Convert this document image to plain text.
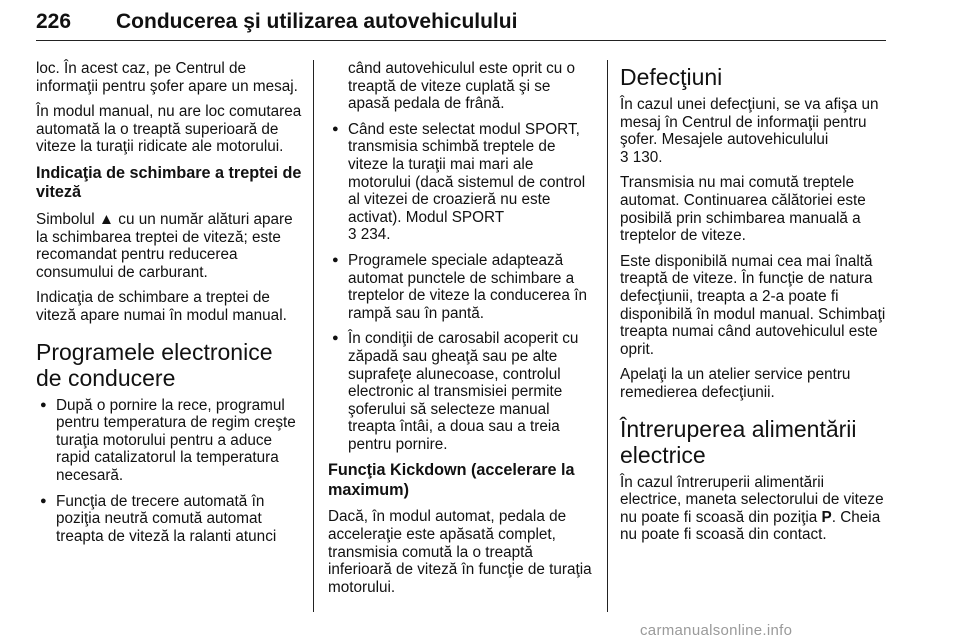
226 Conducerea şi utilizarea autovehiculului

loc. În acest caz, pe Centrul de informaţii pentru şofer apare un mesaj.

În modul manual, nu are loc comutarea automată la o treaptă superioară de viteze la turaţii ridicate ale motorului.

Indicaţia de schimbare a treptei de viteză

Simbolul ▲ cu un număr alături apare la schimbarea treptei de viteză; este recomandat pentru reducerea consumului de carburant.

Indicaţia de schimbare a treptei de viteză apare numai în modul manual.

Programele electronice de conducere
● După o pornire la rece, programul pentru temperatura de regim creşte turaţia motorului pentru a aduce rapid catalizatorul la temperatura necesară.
● Funcţia de trecere automată în poziţia neutră comută automat treapta de viteză la ralanti atunci
când autovehiculul este oprit cu o treaptă de viteze cuplată şi se apasă pedala de frână.
● Când este selectat modul SPORT, transmisia schimbă treptele de viteze la turaţii mai mari ale motorului (dacă sistemul de control al vitezei de croazieră nu este activat). Modul SPORT
3 234.
● Programele speciale adaptează automat punctele de schimbare a treptelor de viteze la conducerea în rampă sau în pantă.
● În condiţii de carosabil acoperit cu zăpadă sau gheaţă sau pe alte suprafeţe alunecoase, controlul electronic al transmisiei permite şoferului să selecteze manual treapta întâi, a doua sau a treia pentru pornire.
Funcţia Kickdown (accelerare la maximum)

Dacă, în modul automat, pedala de acceleraţie este apăsată complet, transmisia comută la o treaptă inferioară de viteză în funcţie de turaţia motorului.

Defecţiuni

În cazul unei defecţiuni, se va afişa un mesaj în Centrul de informaţii pentru şofer. Mesajele autovehiculului
3 130.

Transmisia nu mai comută treptele automat. Continuarea călătoriei este posibilă prin schimbarea manuală a treptelor de viteze.

Este disponibilă numai cea mai înaltă treaptă de viteze. În funcţie de natura defecţiunii, treapta a 2-a poate fi disponibilă în modul manual. Schimbaţi treapta numai când autovehiculul este oprit.

Apelaţi la un atelier service pentru remedierea defecţiunii.

Întreruperea alimentării electrice

În cazul întreruperii alimentării electrice, maneta selectorului de viteze nu poate fi scoasă din poziţia P. Cheia nu poate fi scoasă din contact.

carmanualsonline.info
